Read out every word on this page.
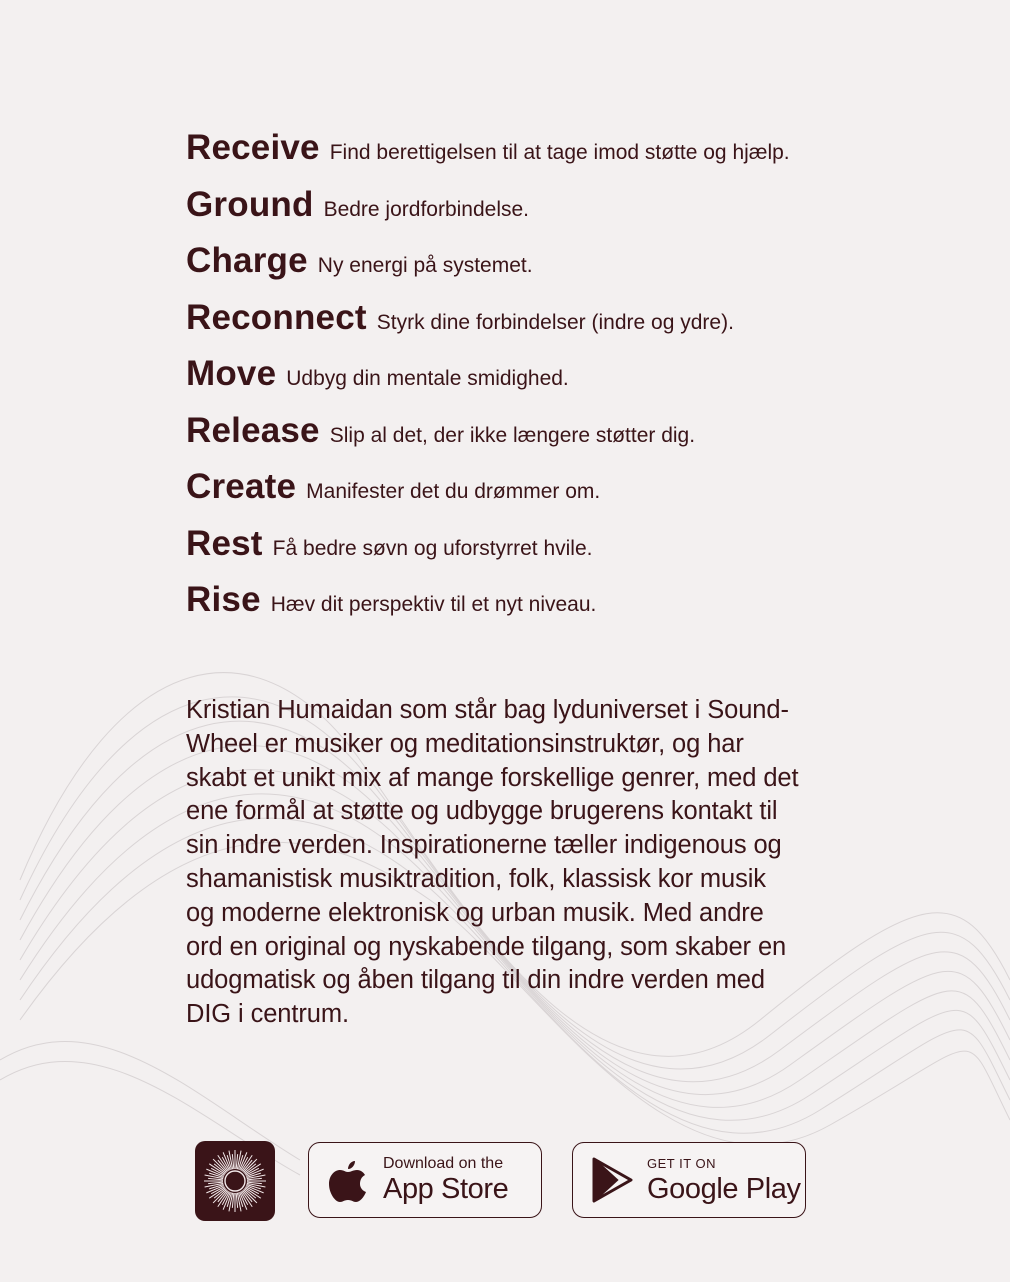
Receive Find berettigelsen til at tage imod støtte og hjælp.
Ground Bedre jordforbindelse.
Charge Ny energi på systemet.
Reconnect Styrk dine forbindelser (indre og ydre).
Move Udbyg din mentale smidighed.
Release Slip al det, der ikke længere støtter dig.
Create Manifester det du drømmer om.
Rest Få bedre søvn og uforstyrret hvile.
Rise Hæv dit perspektiv til et nyt niveau.
Kristian Humaidan som står bag lyduniverset i Sound-
Wheel er musiker og meditationsinstruktør, og har
skabt et unikt mix af mange forskellige genrer, med det
ene formål at støtte og udbygge brugerens kontakt til
sin indre verden. Inspirationerne tæller indigenous og
shamanistisk musiktradition, folk, klassisk kor musik
og moderne elektronisk og urban musik. Med andre
ord en original og nyskabende tilgang, som skaber en
udogmatisk og åben tilgang til din indre verden med
DIG i centrum.
Download on the
App Store
GET IT ON
Google Play
